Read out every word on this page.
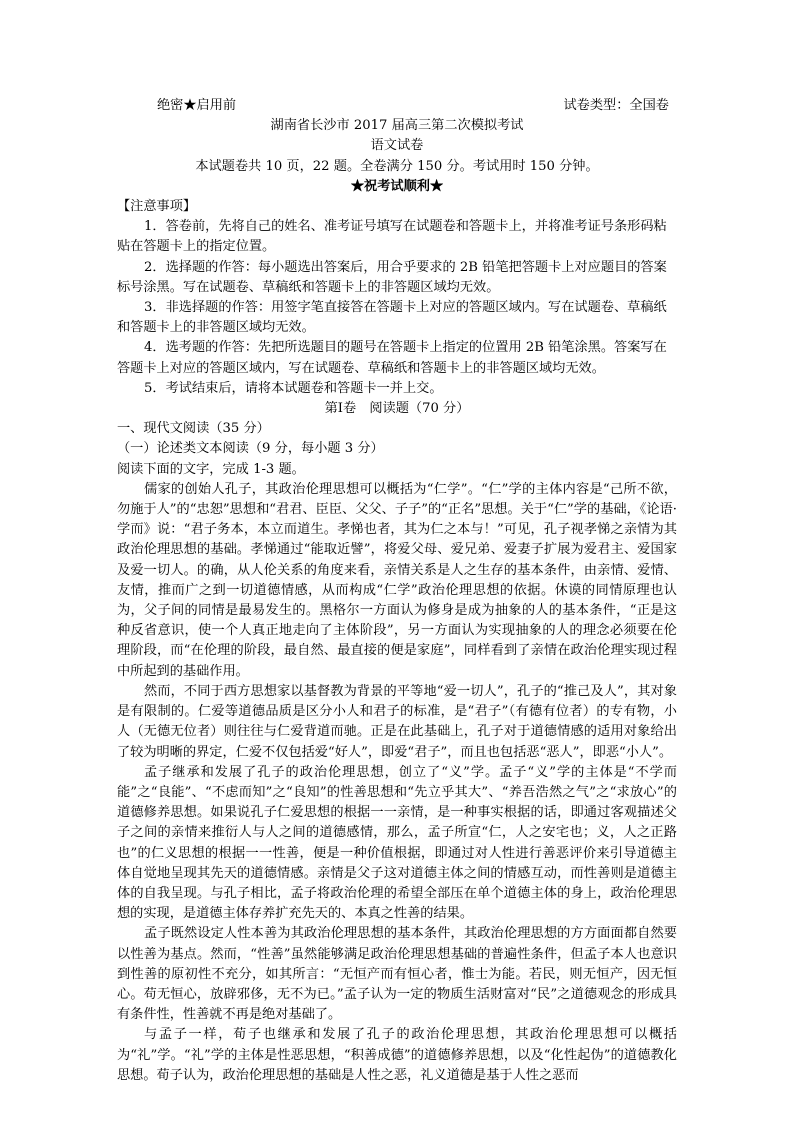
绝密★启用前	试卷类型：全国卷
湖南省长沙市 2017 届高三第二次模拟考试
语文试卷
本试题卷共 10 页，22 题。全卷满分 150 分。考试用时 150 分钟。
★祝考试顺利★
【注意事项】
1．答卷前，先将自己的姓名、准考证号填写在试题卷和答题卡上，并将准考证号条形码粘贴在答题卡上的指定位置。
2．选择题的作答：每小题选出答案后，用合乎要求的 2B 铅笔把答题卡上对应题目的答案标号涂黑。写在试题卷、草稿纸和答题卡上的非答题区域均无效。
3．非选择题的作答：用签字笔直接答在答题卡上对应的答题区域内。写在试题卷、草稿纸和答题卡上的非答题区域均无效。
4．选考题的作答：先把所选题目的题号在答题卡上指定的位置用 2B 铅笔涂黑。答案写在答题卡上对应的答题区域内，写在试题卷、草稿纸和答题卡上的非答题区域均无效。
5．考试结束后，请将本试题卷和答题卡一并上交。
第Ⅰ卷　阅读题（70 分）
一、现代文阅读（35 分）
（一）论述类文本阅读（9 分，每小题 3 分）
阅读下面的文字，完成 1-3 题。
儒家的创始人孔子，其政治伦理思想可以概括为“仁学”。“仁”学的主体内容是“己所不欲，勿施于人”的“忠恕”思想和“君君、臣臣、父父、子子”的“正名”思想。关于“仁”学的基础，《论语·学而》说：“君子务本，本立而道生。孝悌也者，其为仁之本与！”可见，孔子视孝悌之亲情为其政治伦理思想的基础。孝悌通过“能取近譬”，将爱父母、爱兄弟、爱妻子扩展为爱君主、爱国家及爱一切人。的确，从人伦关系的角度来看，亲情关系是人之生存的基本条件，由亲情、爱情、友情，推而广之到一切道德情感，从而构成“仁学”政治伦理思想的依据。休谟的同情原理也认为，父子间的同情是最易发生的。黑格尔一方面认为修身是成为抽象的人的基本条件，“正是这种反省意识，使一个人真正地走向了主体阶段”，另一方面认为实现抽象的人的理念必须要在伦理阶段，而“在伦理的阶段，最自然、最直接的便是家庭”，同样看到了亲情在政治伦理实现过程中所起到的基础作用。
然而，不同于西方思想家以基督教为背景的平等地“爱一切人”，孔子的“推己及人”，其对象是有限制的。仁爱等道德品质是区分小人和君子的标准，是“君子”（有德有位者）的专有物，小人（无德无位者）则往往与仁爱背道而驰。正是在此基础上，孔子对于道德情感的适用对象给出了较为明晰的界定，仁爱不仅包括爱“好人”，即爱“君子”，而且也包括恶“恶人”，即恶“小人”。
孟子继承和发展了孔子的政治伦理思想，创立了“义”学。孟子“义”学的主体是“不学而能”之“良能”、“不虑而知”之“良知”的性善思想和“先立乎其大”、“养吾浩然之气”之“求放心”的道德修养思想。如果说孔子仁爱思想的根据一一亲情，是一种事实根据的话，即通过客观描述父子之间的亲情来推衍人与人之间的道德感情，那么，孟子所宣“仁，人之安宅也；义，人之正路也”的仁义思想的根据一一性善，便是一种价值根据，即通过对人性进行善恶评价来引导道德主体自觉地呈现其先天的道德情感。亲情是父子这对道德主体之间的情感互动，而性善则是道德主体的自我呈现。与孔子相比，孟子将政治伦理的希望全部压在单个道德主体的身上，政治伦理思想的实现，是道德主体存养扩充先天的、本真之性善的结果。
孟子既然设定人性本善为其政治伦理思想的基本条件，其政治伦理思想的方方面面都自然要以性善为基点。然而，“性善”虽然能够满足政治伦理思想基础的普遍性条件，但孟子本人也意识到性善的原初性不充分，如其所言：“无恒产而有恒心者，惟士为能。若民，则无恒产，因无恒心。苟无恒心，放辟邪侈，无不为已。”孟子认为一定的物质生活财富对“民”之道德观念的形成具有条件性，性善就不再是绝对基础了。
与孟子一样，荀子也继承和发展了孔子的政治伦理思想，其政治伦理思想可以概括为“礼”学。“礼”学的主体是性恶思想，“积善成德”的道德修养思想，以及“化性起伪”的道德教化思想。荀子认为，政治伦理思想的基础是人性之恶，礼义道德是基于人性之恶而
